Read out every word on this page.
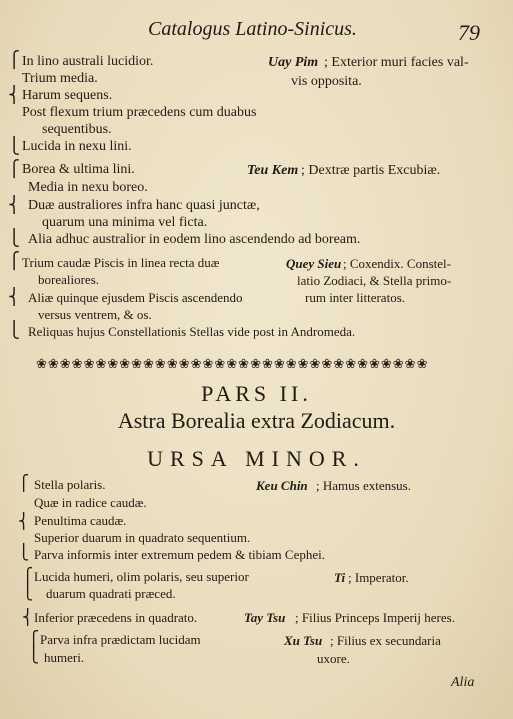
Catalogus Latino-Sinicus.	79
⎧
⎨
⎩
In lino australi lucidior.
Trium media.
Harum sequens.
Post flexum trium præcedens cum duabus
sequentibus.
Lucida in nexu lini.
Uay Pim ; Exterior muri facies val-
vis opposita.
⎧
⎨
⎩
Borea & ultima lini.
Media in nexu boreo.
Duæ australiores infra hanc quasi junctæ,
quarum una minima vel ficta.
Alia adhuc australior in eodem lino ascendendo ad boream.
Teu Kem ; Dextræ partis Excubiæ.
⎧
⎨
⎩
Trium caudæ Piscis in linea recta duæ
borealiores.
Aliæ quinque ejusdem Piscis ascendendo
versus ventrem, & os.
Reliquas hujus Constellationis Stellas vide post in Andromeda.
Quey Sieu ; Coxendix. Constel-
latio Zodiaci, & Stella primo-
rum inter litteratos.
❀❀❀❀❀❀❀❀❀❀❀❀❀❀❀❀❀❀❀❀❀❀❀❀❀❀❀❀❀❀❀❀❀
PARS II.
Astra Borealia extra Zodiacum.
URSA MINOR.
⎧
⎨
⎩
Stella polaris.
Quæ in radice caudæ.
Penultima caudæ.
Superior duarum in quadrato sequentium.
Parva informis inter extremum pedem & tibiam Cephei.
Keu Chin ; Hamus extensus.
⎧
⎩
Lucida humeri, olim polaris, seu superior
duarum quadrati præced.
Ti ; Imperator.
⎨ Inferior præcedens in quadrato.	Tay Tsu ; Filius Princeps Imperij heres.
⎧
⎩
Parva infra prædictam lucidam
humeri.
Xu Tsu ; Filius ex secundaria
uxore.
Alia
